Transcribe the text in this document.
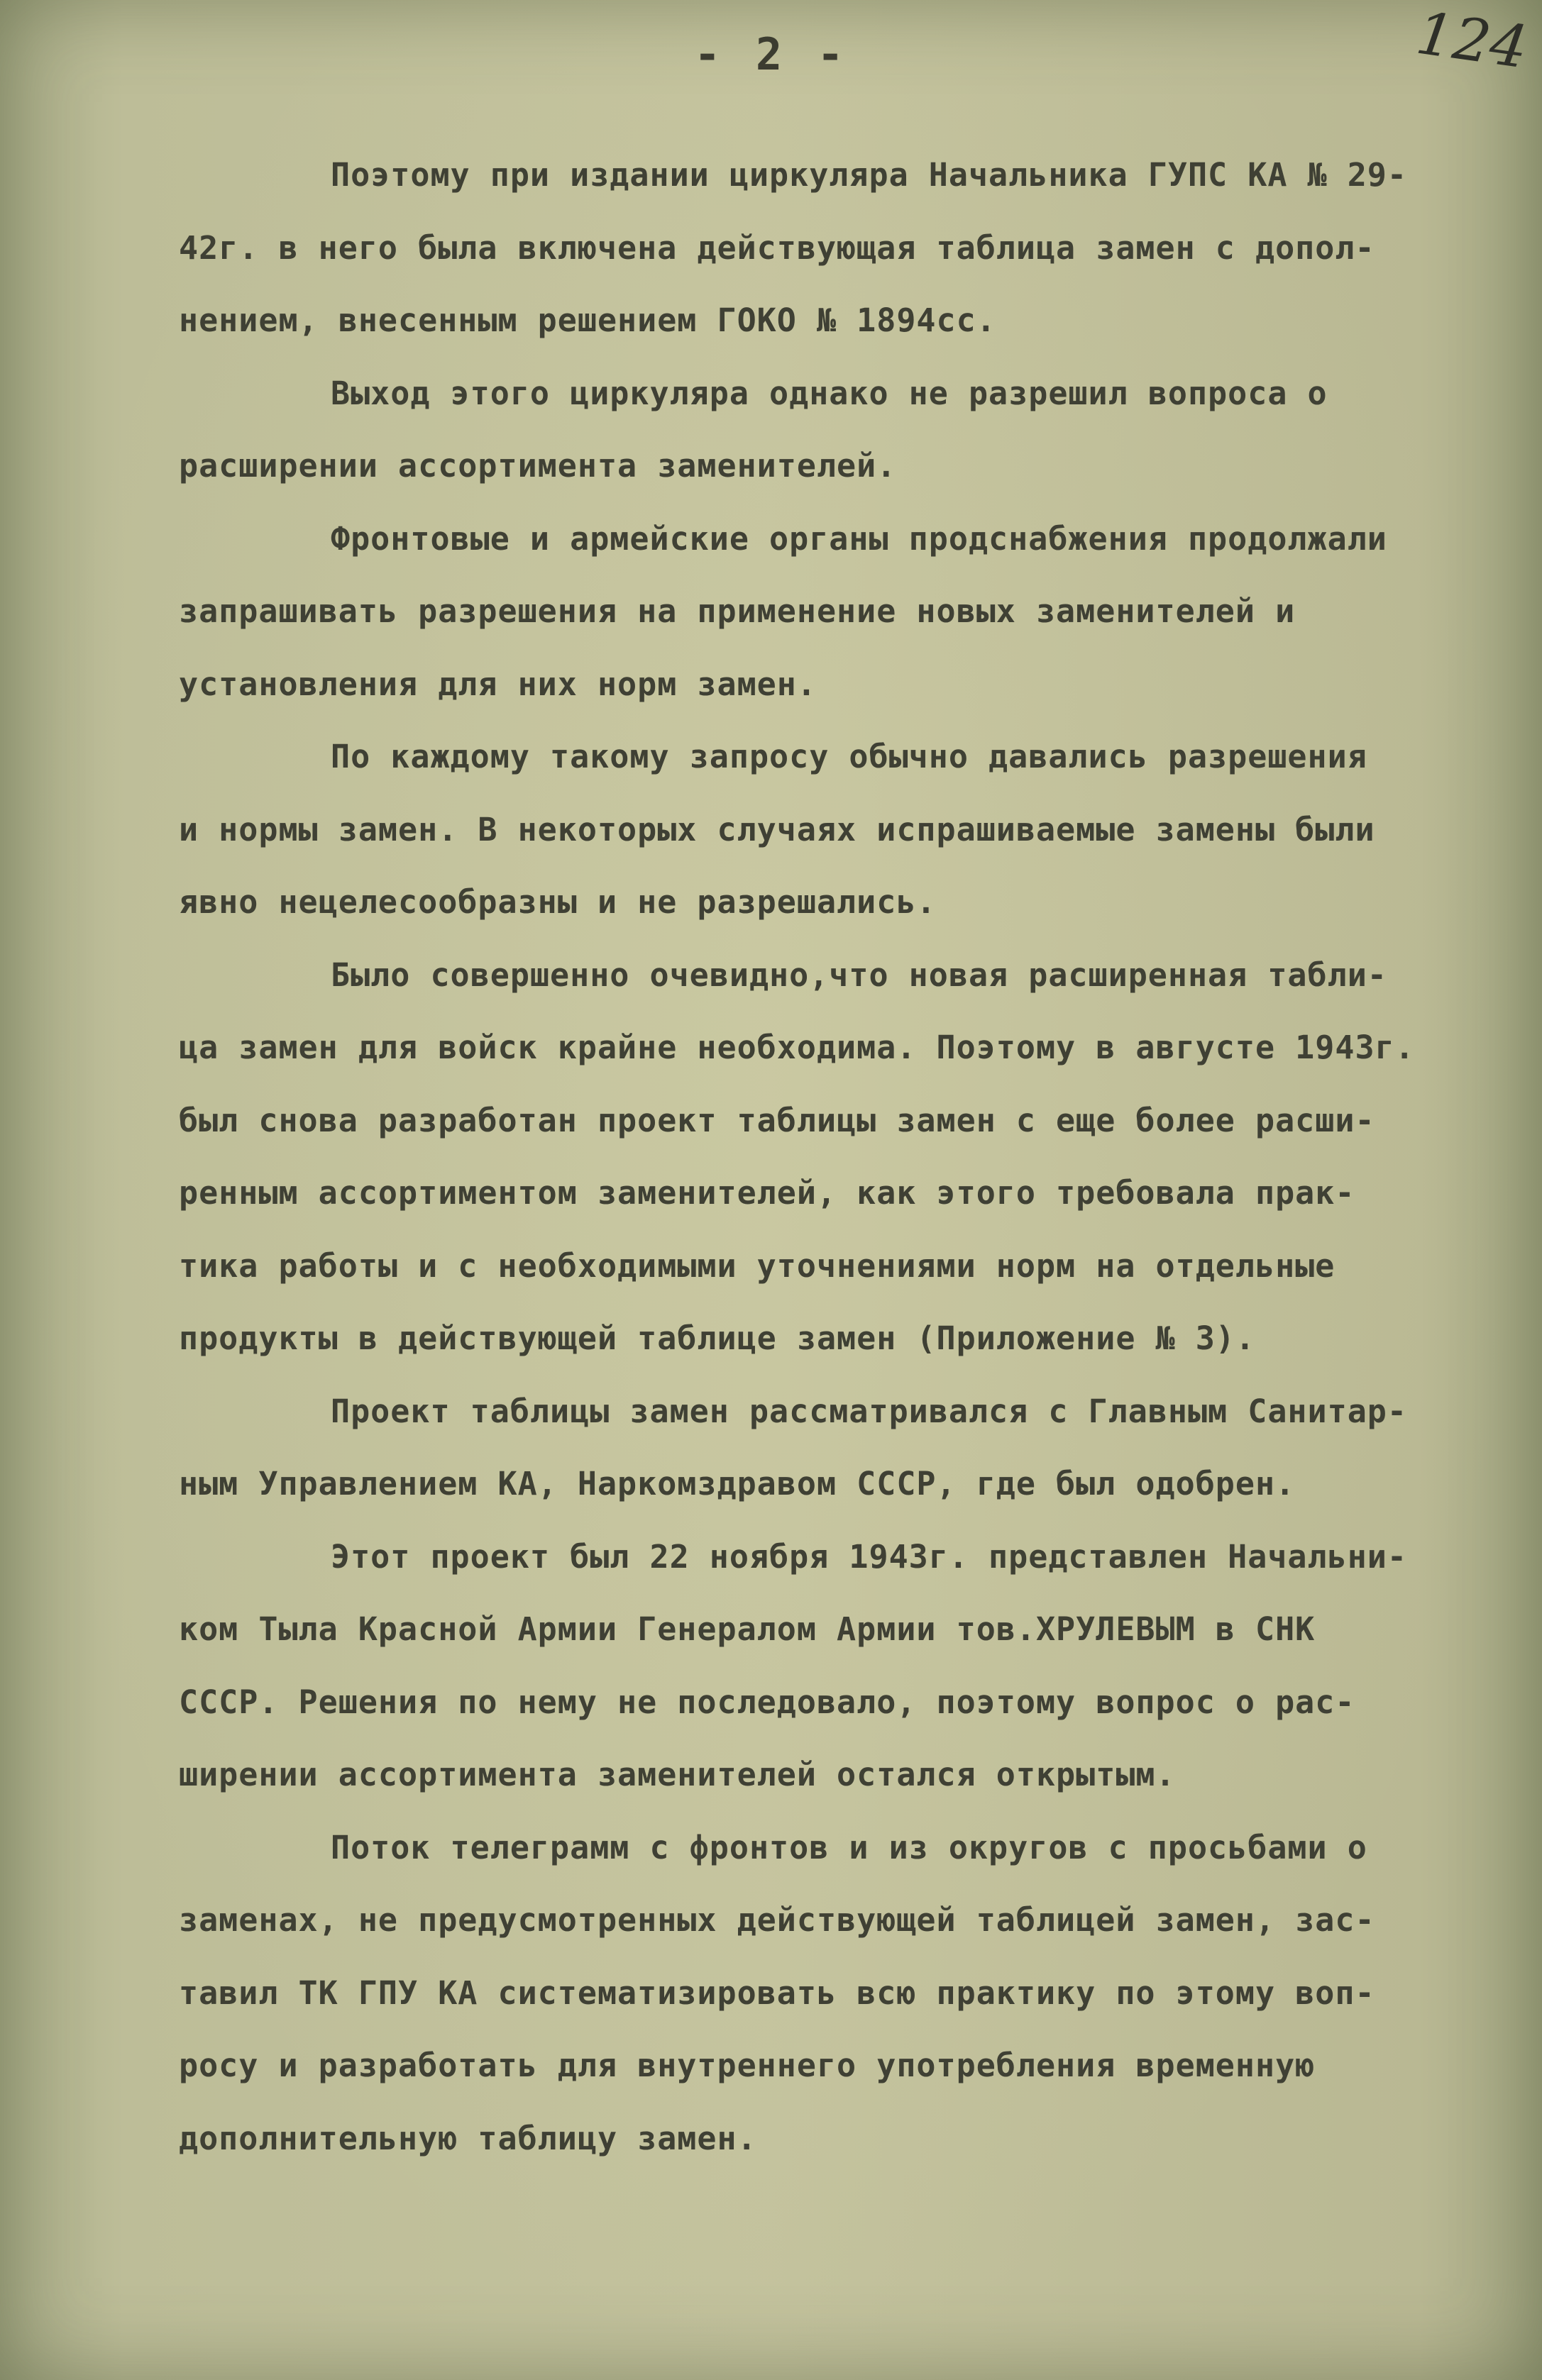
- 2 -	124
Поэтому при издании циркуляра Начальника ГУПС КА № 29-
42г. в него была включена действующая таблица замен с допол-
нением, внесенным решением ГОКО № 1894сс.
Выход этого циркуляра однако не разрешил вопроса о
расширении ассортимента заменителей.
Фронтовые и армейские органы продснабжения продолжали
запрашивать разрешения на применение новых заменителей и
установления для них норм замен.
По каждому такому запросу обычно давались разрешения
и нормы замен. В некоторых случаях испрашиваемые замены были
явно нецелесообразны и не разрешались.
Было совершенно очевидно,что новая расширенная табли-
ца замен для войск крайне необходима. Поэтому в августе 1943г.
был снова разработан проект таблицы замен с еще более расши-
ренным ассортиментом заменителей, как этого требовала прак-
тика работы и с необходимыми уточнениями норм на отдельные
продукты в действующей таблице замен (Приложение № 3).
Проект таблицы замен рассматривался с Главным Санитар-
ным Управлением КА, Наркомздравом СССР, где был одобрен.
Этот проект был 22 ноября 1943г. представлен Начальни-
ком Тыла Красной Армии Генералом Армии тов.ХРУЛЕВЫМ в СНК
СССР. Решения по нему не последовало, поэтому вопрос о рас-
ширении ассортимента заменителей остался открытым.
Поток телеграмм с фронтов и из округов с просьбами о
заменах, не предусмотренных действующей таблицей замен, зас-
тавил ТК ГПУ КА систематизировать всю практику по этому воп-
росу и разработать для внутреннего употребления временную
дополнительную таблицу замен.
